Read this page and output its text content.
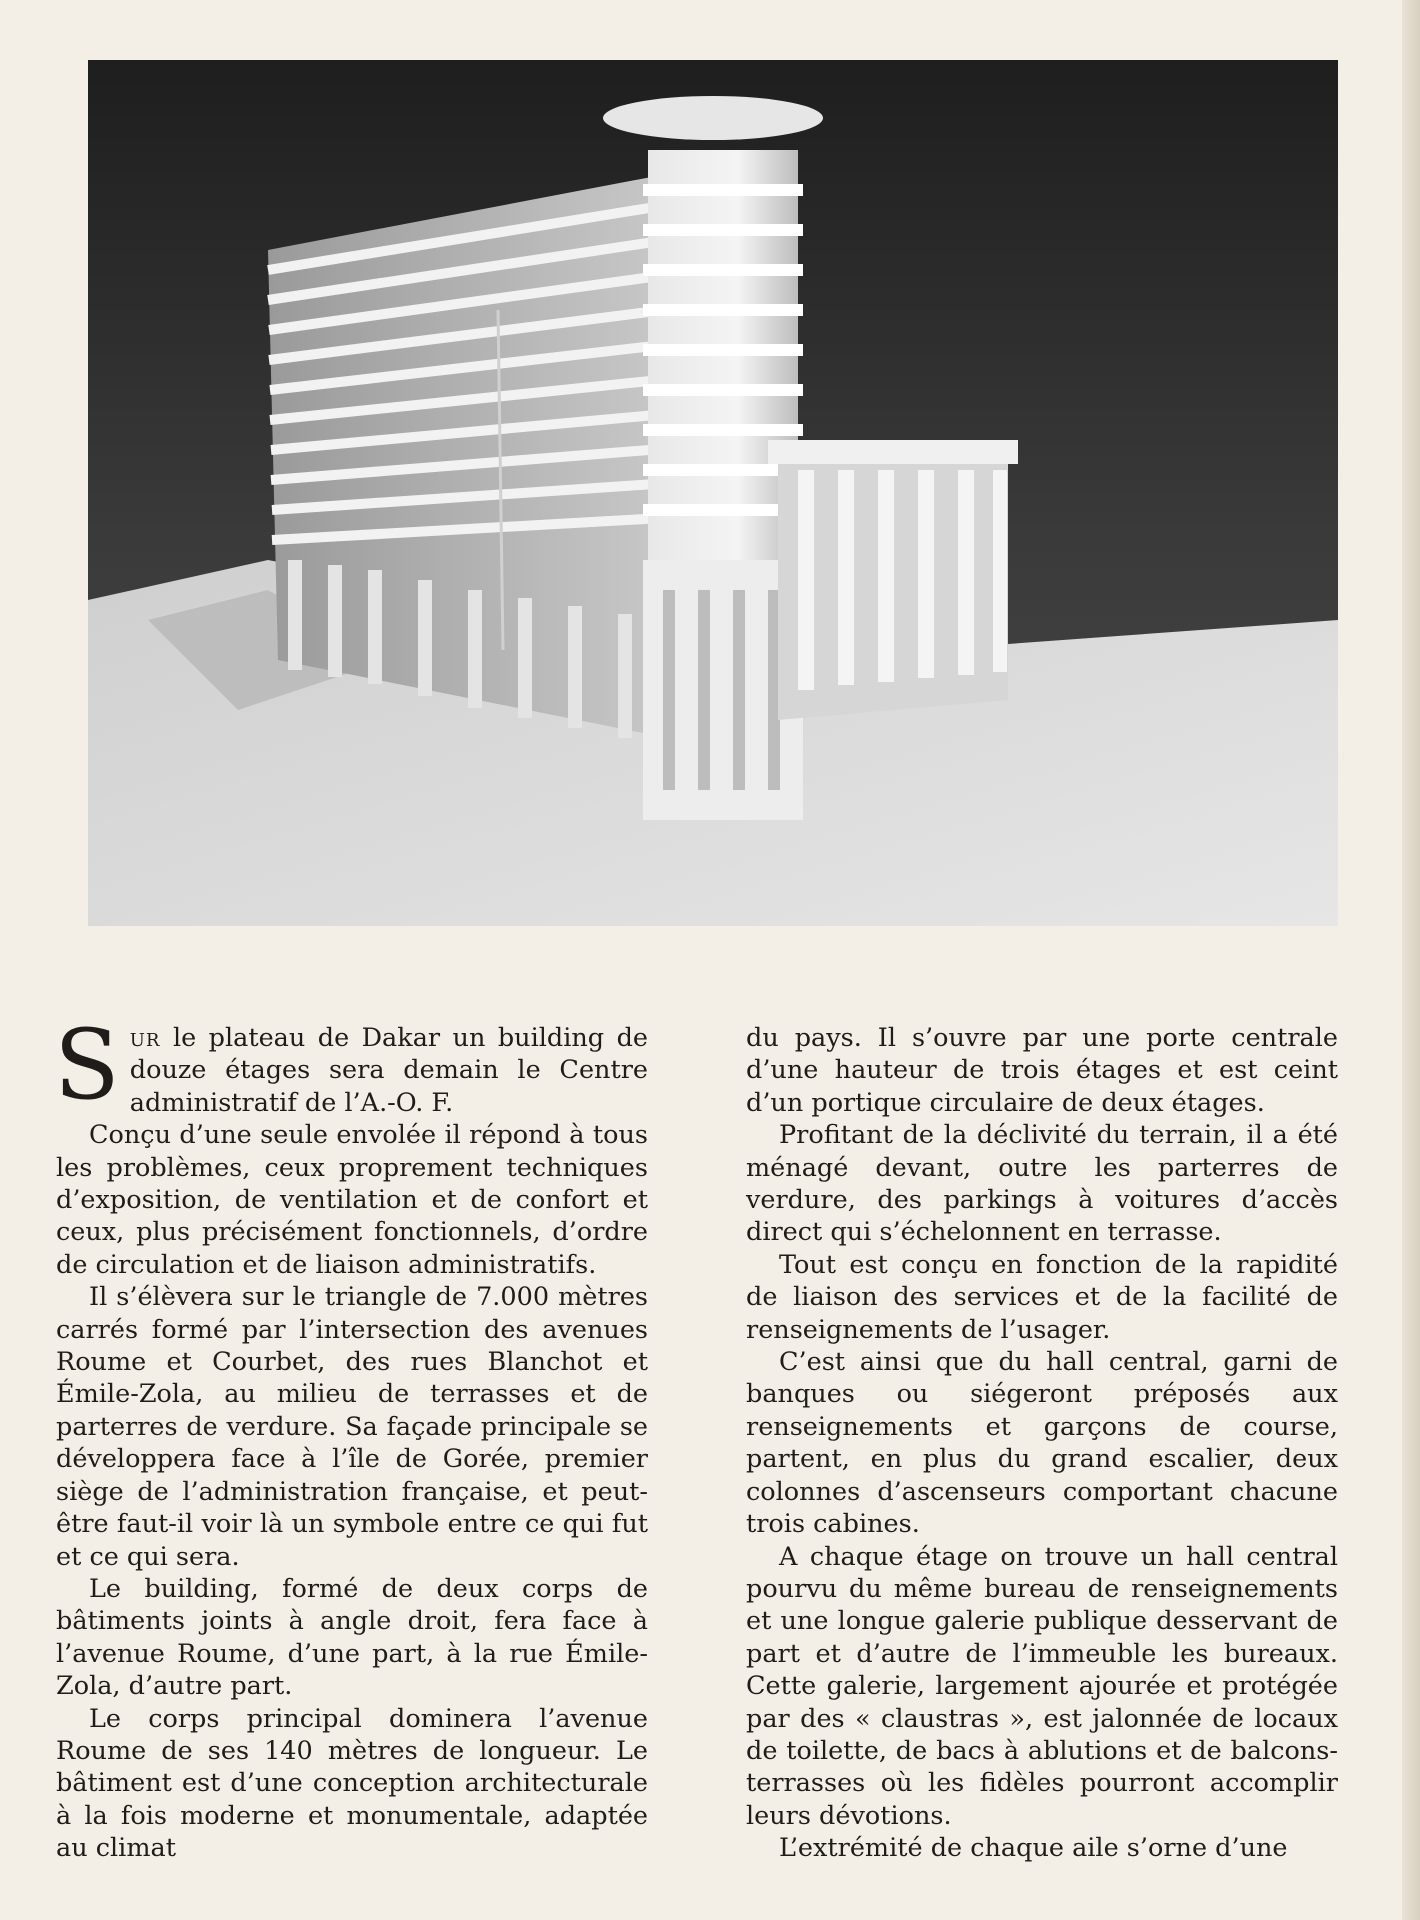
Sur le plateau de Dakar un building de douze étages sera demain le Centre administratif de l’A.-O. F.

Conçu d’une seule envolée il répond à tous les problèmes, ceux proprement techniques d’exposition, de ventilation et de confort et ceux, plus précisément fonctionnels, d’ordre de circulation et de liaison administratifs.

Il s’élèvera sur le triangle de 7.000 mètres carrés formé par l’intersection des avenues Roume et Courbet, des rues Blanchot et Émile-Zola, au milieu de terrasses et de parterres de verdure. Sa façade principale se développera face à l’île de Gorée, premier siège de l’administration française, et peut-être faut-il voir là un symbole entre ce qui fut et ce qui sera.

Le building, formé de deux corps de bâtiments joints à angle droit, fera face à l’avenue Roume, d’une part, à la rue Émile-Zola, d’autre part.

Le corps principal dominera l’avenue Roume de ses 140 mètres de longueur. Le bâtiment est d’une conception architecturale à la fois moderne et monumentale, adaptée au climat

du pays. Il s’ouvre par une porte centrale d’une hauteur de trois étages et est ceint d’un portique circulaire de deux étages.

Profitant de la déclivité du terrain, il a été ménagé devant, outre les parterres de verdure, des parkings à voitures d’accès direct qui s’échelonnent en terrasse.

Tout est conçu en fonction de la rapidité de liaison des services et de la facilité de renseignements de l’usager.

C’est ainsi que du hall central, garni de banques ou siégeront préposés aux renseignements et garçons de course, partent, en plus du grand escalier, deux colonnes d’ascenseurs comportant chacune trois cabines.

A chaque étage on trouve un hall central pourvu du même bureau de renseignements et une longue galerie publique desservant de part et d’autre de l’immeuble les bureaux. Cette galerie, largement ajourée et protégée par des « claustras », est jalonnée de locaux de toilette, de bacs à ablutions et de balcons-terrasses où les fidèles pourront accomplir leurs dévotions.

L’extrémité de chaque aile s’orne d’une
